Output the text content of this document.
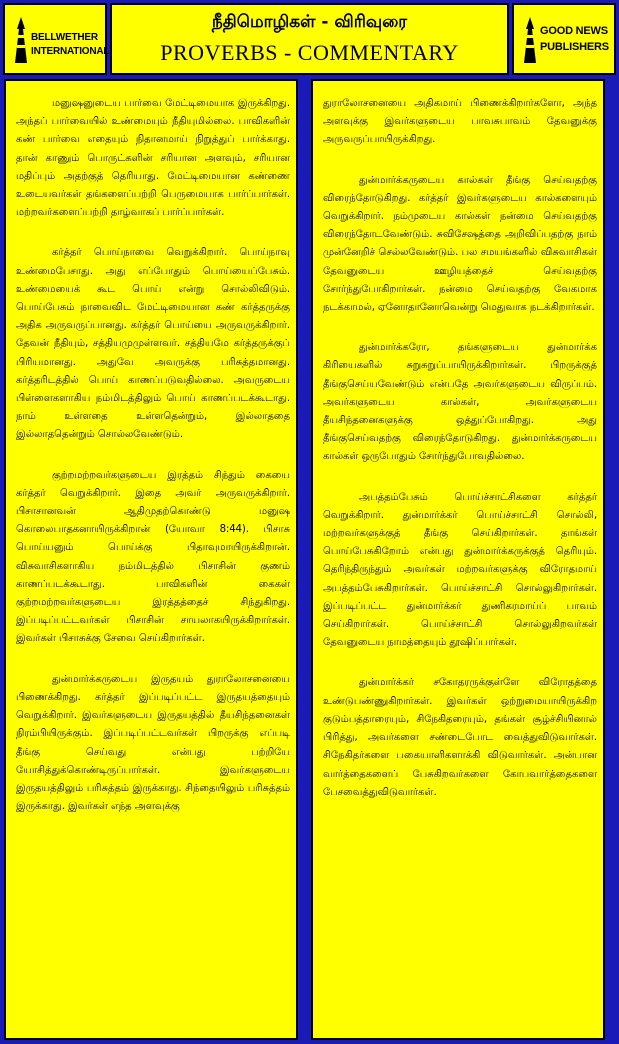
BELLWETHER
INTERNATIONAL
நீதிமொழிகள் - விரிவுரை
PROVERBS - COMMENTARY
GOOD NEWS
PUBLISHERS

மனுஷனுடைய பார்வை மேட்டிமையாக இருக்கிறது. அந்தப் பார்வையில் உண்மையும் நீதியுமில்லை. பாவிகளின் கண் பார்வை எதையும் நிதானமாய் நிறுத்துப் பார்க்காது. தான் காணும் பொருட்களின் சரியான அளவும், சரியான மதிப்பும் அதற்குத் தெரியாது. மேட்டிமையான கண்ணை உடையவர்கள் தங்களைப்பற்றி பெருமையாக பார்ப்பார்கள். மற்றவர்களைப்பற்றி தாழ்வாகப் பார்ப்பார்கள்.

கர்த்தர் பொய்நாவை வெறுக்கிறார். பொய்நாவு உண்மைபேசாது. அது எப்போதும் பொய்யைப்பேசும். உண்மையைக் கூட பொய் என்று சொல்லிவிடும். பொய்பேசும் நாவைவிட மேட்டிமையான கண் கர்த்தருக்கு அதிக அருவருப்பானது. கர்த்தர் பொய்யை அருவருக்கிறார். தேவன் நீதியும், சத்தியமுமுள்ளவர். சத்தியமே கர்த்தருக்குப் பிரியமானது. அதுவே அவருக்கு பரிசுத்தமானது. கர்த்தரிடத்தில் பொய் காணப்படுவதில்லை. அவருடைய பிள்ளைகளாகிய நம்மிடத்திலும் பொய் காணப்படக்கூடாது. நாம் உள்ளதை உள்ளதென்றும், இல்லாததை இல்லாததென்றும் சொல்லவேண்டும்.

குற்றமற்றவர்களுடைய இரத்தம் சிந்தும் கையை கர்த்தர் வெறுக்கிறார். இதை அவர் அருவருக்கிறார். பிசாசானவன் ஆதிமுதற்கொண்டு மனுஷ கொலைபாதகனாயிருக்கிறான் (யோவா 8:44). பிசாசு பொய்யனும் பொய்க்கு பிதாவுமாயிருக்கிறான். விசுவாசிகளாகிய நம்மிடத்தில் பிசாசின் குணம் காணப்படக்கூடாது. பாவிகளின் கைகள் குற்றமற்றவர்களுடைய இரத்தத்தைச் சிந்துகிறது. இப்படிப்பட்டவர்கள் பிசாசின் சாயலாகயிருக்கிறார்கள். இவர்கள் பிசாசுக்கு சேவை செய்கிறார்கள்.

துன்மார்க்கருடைய இருதயம் துராலோசனையை பிணைக்கிறது. கர்த்தர் இப்படிப்பட்ட இருதயத்தையும் வெறுக்கிறார். இவர்களுடைய இருதயத்தில் தீயசிந்தனைகள் நிரம்பியிருக்கும். இப்படிப்பட்டவர்கள் பிறருக்கு எப்படி தீங்கு செய்வது என்பது பற்றியே யோசித்துக்கொண்டிருப்பார்கள். இவர்களுடைய இருதயத்திலும் பரிசுத்தம் இருக்காது. சிந்தையிலும் பரிசுத்தம் இருக்காது. இவர்கள் எந்த அளவுக்கு

துராலோசனையை அதிகமாய் பிணைக்கிறார்களோ, அந்த அளவுக்கு இவர்களுடைய பாவசுபாவம் தேவனுக்கு அருவருப்பாயிருக்கிறது.

துன்மார்க்கருடைய கால்கள் தீங்கு செய்வதற்கு விரைந்தோடுகிறது. கர்த்தர் இவர்களுடைய கால்களையும் வெறுக்கிறார். நம்முடைய கால்கள் நன்மை செய்வதற்கு விரைந்தோடவேண்டும். சுவிசேஷத்தை அறிவிப்பதற்கு நாம் முன்னேறிச் செல்லவேண்டும். பல சமயங்களில் விசுவாசிகள் தேவனுடைய ஊழியத்தைச் செய்வதற்கு சோர்ந்துபோகிறார்கள். நன்மை செய்வதற்கு வேகமாக நடக்காமல், ஏனோதானோவென்று மெதுவாக நடக்கிறார்கள்.

துன்மார்க்கரோ, தங்களுடைய துன்மார்க்க கிரியைகளில் சுறுசுறுப்பாயிருக்கிறார்கள். பிறருக்குத் தீங்குசெய்யவேண்டும் என்பதே அவர்களுடைய விருப்பம். அவர்களுடைய கால்கள், அவர்களுடைய தீயசிந்தனைகளுக்கு ஒத்துப்போகிறது. அது தீங்குசெய்வதற்கு விரைந்தோடுகிறது. துன்மார்க்கருடைய கால்கள் ஒருபோதும் சோர்ந்துபோவதில்லை.

அபத்தம்பேசும் பொய்ச்சாட்சிகளை கர்த்தர் வெறுக்கிறார். துன்மார்க்கர் பொய்ச்சாட்சி சொல்லி, மற்றவர்களுக்குத் தீங்கு செய்கிறார்கள். தாங்கள் பொய்பேசுகிறோம் என்பது துன்மார்க்கருக்குத் தெரியும். தெரிந்திருந்தும் அவர்கள் மற்றவர்களுக்கு விரோதமாய் அபத்தம்பேசுகிறார்கள். பொய்ச்சாட்சி சொல்லுகிறார்கள். இப்படிப்பட்ட துன்மார்க்கர் துணிகரமாய்ப் பாவம் செய்கிறார்கள். பொய்ச்சாட்சி சொல்லுகிறவர்கள் தேவனுடைய நாமத்தையும் தூஷிப்பார்கள்.

துன்மார்க்கர் சகோதரருக்குள்ளே விரோதத்தை உண்டுபண்ணுகிறார்கள். இவர்கள் ஒற்றுமையாயிருக்கிற குடும்பத்தாரையும், சிநேகிதரையும், தங்கள் சூழ்ச்சியினால் பிரித்து, அவர்களை சண்டைபோட வைத்துவிடுவார்கள். சிநேகிதர்களை பகையாளிகளாக்கி விடுவார்கள். அன்பான வார்த்தைகளைப் பேசுகிறவர்களை கோபவார்த்தைகளை பேசவைத்துவிடுவார்கள்.
